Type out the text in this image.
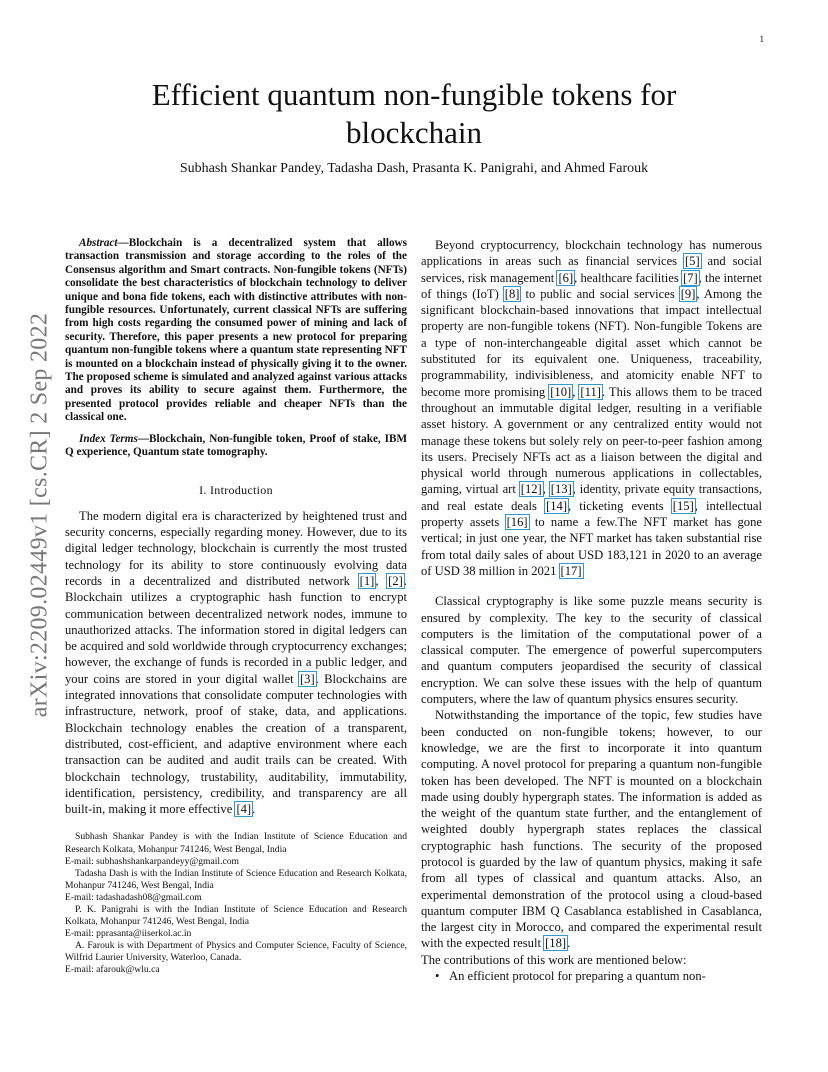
1
Efficient quantum non-fungible tokens for
blockchain

Subhash Shankar Pandey, Tadasha Dash, Prasanta K. Panigrahi, and Ahmed Farouk

arXiv:2209.02449v1 [cs.CR] 2 Sep 2022

Abstract—Blockchain is a decentralized system that allows transaction transmission and storage according to the roles of the Consensus algorithm and Smart contracts. Non-fungible tokens (NFTs) consolidate the best characteristics of blockchain technology to deliver unique and bona fide tokens, each with distinctive attributes with non-fungible resources. Unfortunately, current classical NFTs are suffering from high costs regarding the consumed power of mining and lack of security. Therefore, this paper presents a new protocol for preparing quantum non-fungible tokens where a quantum state representing NFT is mounted on a blockchain instead of physically giving it to the owner. The proposed scheme is simulated and analyzed against various attacks and proves its ability to secure against them. Furthermore, the presented protocol provides reliable and cheaper NFTs than the classical one.

Index Terms—Blockchain, Non-fungible token, Proof of stake, IBM Q experience, Quantum state tomography.

I. Introduction

The modern digital era is characterized by heightened trust and security concerns, especially regarding money. However, due to its digital ledger technology, blockchain is currently the most trusted technology for its ability to store continuously evolving data records in a decentralized and distributed network [1], [2]. Blockchain utilizes a cryptographic hash function to encrypt communication between decentralized network nodes, immune to unauthorized attacks. The information stored in digital ledgers can be acquired and sold worldwide through cryptocurrency exchanges; however, the exchange of funds is recorded in a public ledger, and your coins are stored in your digital wallet [3]. Blockchains are integrated innovations that consolidate computer technologies with infrastructure, network, proof of stake, data, and applications. Blockchain technology enables the creation of a transparent, distributed, cost-efficient, and adaptive environment where each transaction can be audited and audit trails can be created. With blockchain technology, trustability, auditability, immutability, identification, persistency, credibility, and transparency are all built-in, making it more effective [4].

Subhash Shankar Pandey is with the Indian Institute of Science Education and Research Kolkata, Mohanpur 741246, West Bengal, India

E-mail: subhashshankarpandeyy@gmail.com

Tadasha Dash is with the Indian Institute of Science Education and Research Kolkata, Mohanpur 741246, West Bengal, India

E-mail: tadashadash08@gmail.com

P. K. Panigrahi is with the Indian Institute of Science Education and Research Kolkata, Mohanpur 741246, West Bengal, India

E-mail: pprasanta@iiserkol.ac.in

A. Farouk is with Department of Physics and Computer Science, Faculty of Science, Wilfrid Laurier University, Waterloo, Canada.

E-mail: afarouk@wlu.ca

Beyond cryptocurrency, blockchain technology has numerous applications in areas such as financial services [5] and social services, risk management [6], healthcare facilities [7], the internet of things (IoT) [8] to public and social services [9], Among the significant blockchain-based innovations that impact intellectual property are non-fungible tokens (NFT). Non-fungible Tokens are a type of non-interchangeable digital asset which cannot be substituted for its equivalent one. Uniqueness, traceability, programmability, indivisibleness, and atomicity enable NFT to become more promising [10], [11]. This allows them to be traced throughout an immutable digital ledger, resulting in a verifiable asset history. A government or any centralized entity would not manage these tokens but solely rely on peer-to-peer fashion among its users. Precisely NFTs act as a liaison between the digital and physical world through numerous applications in collectables, gaming, virtual art [12], [13], identity, private equity transactions, and real estate deals [14], ticketing events [15], intellectual property assets [16] to name a few.The NFT market has gone vertical; in just one year, the NFT market has taken substantial rise from total daily sales of about USD 183,121 in 2020 to an average of USD 38 million in 2021 [17]

Classical cryptography is like some puzzle means security is ensured by complexity. The key to the security of classical computers is the limitation of the computational power of a classical computer. The emergence of powerful supercomputers and quantum computers jeopardised the security of classical encryption. We can solve these issues with the help of quantum computers, where the law of quantum physics ensures security.

Notwithstanding the importance of the topic, few studies have been conducted on non-fungible tokens; however, to our knowledge, we are the first to incorporate it into quantum computing. A novel protocol for preparing a quantum non-fungible token has been developed. The NFT is mounted on a blockchain made using doubly hypergraph states. The information is added as the weight of the quantum state further, and the entanglement of weighted doubly hypergraph states replaces the classical cryptographic hash functions. The security of the proposed protocol is guarded by the law of quantum physics, making it safe from all types of classical and quantum attacks. Also, an experimental demonstration of the protocol using a cloud-based quantum computer IBM Q Casablanca established in Casablanca, the largest city in Morocco, and compared the experimental result with the expected result [18].

The contributions of this work are mentioned below:

• An efficient protocol for preparing a quantum non-
